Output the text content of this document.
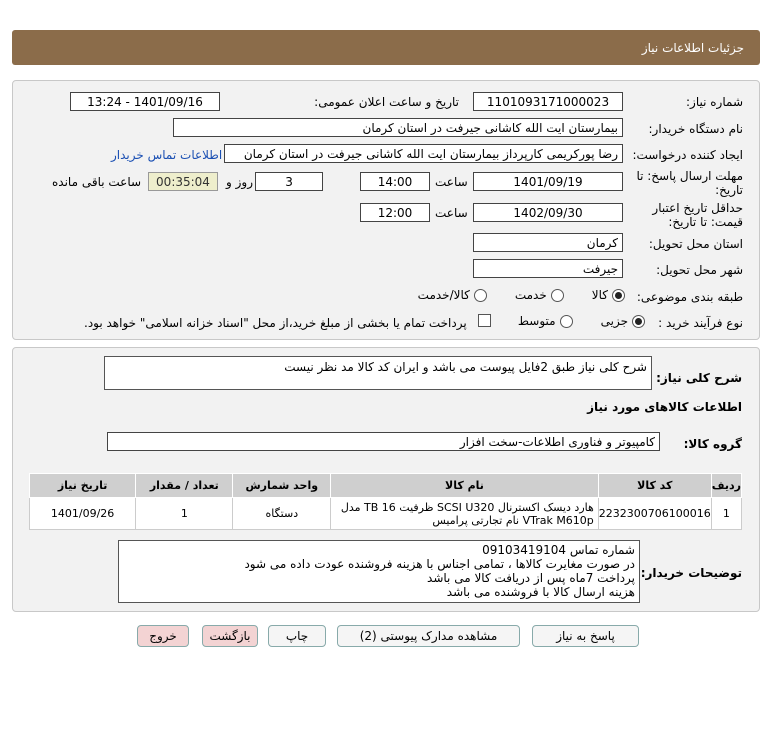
جزئیات اطلاعات نیاز
شماره نیاز:
1101093171000023
تاریخ و ساعت اعلان عمومی:
1401/09/16 - 13:24
نام دستگاه خریدار:
بیمارستان ایت الله کاشانی جیرفت در استان کرمان
ایجاد کننده درخواست:
رضا پورکریمی کارپرداز بیمارستان ایت الله کاشانی جیرفت در استان کرمان
اطلاعات تماس خریدار
مهلت ارسال پاسخ: تا
تاریخ:
1401/09/19
ساعت
14:00
3
روز و
00:35:04
ساعت باقی مانده
حداقل تاریخ اعتبار
قیمت: تا تاریخ:
1402/09/30
ساعت
12:00
استان محل تحویل:
کرمان
شهر محل تحویل:
جیرفت
طبقه بندی موضوعی:
کالا
خدمت
کالا/خدمت
نوع فرآیند خرید :
جزیی
متوسط
پرداخت تمام یا بخشی از مبلغ خرید،از محل "اسناد خزانه اسلامی" خواهد بود.
شرح کلی نیاز:
شرح کلی نیاز طبق 2فایل پیوست می باشد و ایران کد کالا مد نظر نیست
اطلاعات کالاهای مورد نیاز
گروه کالا:
کامپیوتر و فناوری اطلاعات-سخت افزار
ردیف	کد کالا	نام کالا	واحد شمارش	تعداد / مقدار	تاریخ نیاز
1	2232300706100016	هارد دیسک اکسترنال SCSI U320 ظرفیت 16 TB مدل VTrak M610p نام تجارتی پرامیس	دستگاه	1	1401/09/26
توضیحات خریدار:
شماره تماس 09103419104
در صورت مغایرت کالاها ، تمامی اجناس با هزینه فروشنده عودت داده می شود
پرداخت 7ماه پس از دریافت کالا می باشد
هزینه ارسال کالا با فروشنده می باشد
پاسخ به نیاز
مشاهده مدارک پیوستی (2)
چاپ
بازگشت
خروج
